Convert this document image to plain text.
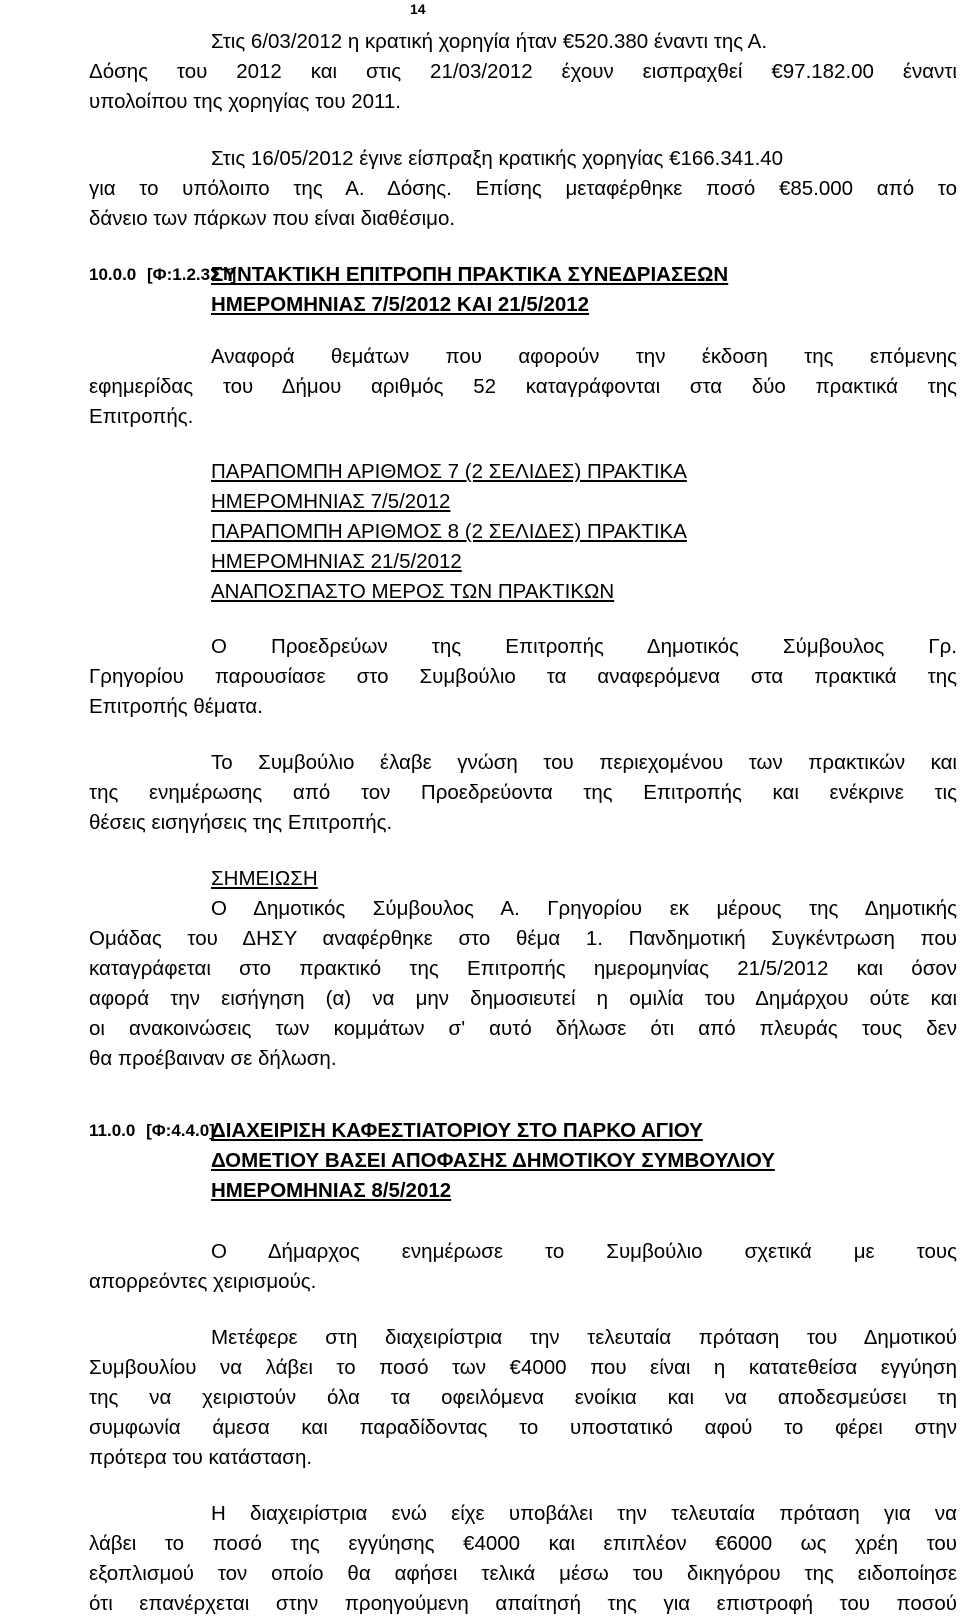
14
Στις 6/03/2012 η κρατική χορηγία ήταν €520.380 έναντι της Α.
Δόσης του 2012 και στις 21/03/2012 έχουν εισπραχθεί €97.182.00 έναντι
υπολοίπου της χορηγίας του 2011.
Στις 16/05/2012 έγινε είσπραξη κρατικής χορηγίας €166.341.40
για το υπόλοιπο της Α. Δόσης. Επίσης μεταφέρθηκε ποσό €85.000 από το
δάνειο των πάρκων που είναι διαθέσιμο.
10.0.0 [Φ:1.2.3ΣΤ]
ΣΥΝΤΑΚΤΙΚΗ ΕΠΙΤΡΟΠΗ ΠΡΑΚΤΙΚΑ ΣΥΝΕΔΡΙΑΣΕΩΝ
ΗΜΕΡΟΜΗΝΙΑΣ 7/5/2012 ΚΑΙ 21/5/2012
Αναφορά θεμάτων που αφορούν την έκδοση της επόμενης
εφημερίδας του Δήμου αριθμός 52 καταγράφονται στα δύο πρακτικά της
Επιτροπής.
ΠΑΡΑΠΟΜΠΗ ΑΡΙΘΜΟΣ 7 (2 ΣΕΛΙΔΕΣ) ΠΡΑΚΤΙΚΑ
ΗΜΕΡΟΜΗΝΙΑΣ 7/5/2012
ΠΑΡΑΠΟΜΠΗ ΑΡΙΘΜΟΣ 8 (2 ΣΕΛΙΔΕΣ) ΠΡΑΚΤΙΚΑ
ΗΜΕΡΟΜΗΝΙΑΣ 21/5/2012
ΑΝΑΠΟΣΠΑΣΤΟ ΜΕΡΟΣ ΤΩΝ ΠΡΑΚΤΙΚΩΝ
Ο Προεδρεύων της Επιτροπής Δημοτικός Σύμβουλος Γρ.
Γρηγορίου παρουσίασε στο Συμβούλιο τα αναφερόμενα στα πρακτικά της
Επιτροπής θέματα.
Το Συμβούλιο έλαβε γνώση του περιεχομένου των πρακτικών και
της ενημέρωσης από τον Προεδρεύοντα της Επιτροπής και ενέκρινε τις
θέσεις εισηγήσεις της Επιτροπής.
ΣΗΜΕΙΩΣΗ
Ο Δημοτικός Σύμβουλος Α. Γρηγορίου εκ μέρους της Δημοτικής
Ομάδας του ΔΗΣΥ αναφέρθηκε στο θέμα 1. Πανδημοτική Συγκέντρωση που
καταγράφεται στο πρακτικό της Επιτροπής ημερομηνίας 21/5/2012 και όσον
αφορά την εισήγηση (α) να μην δημοσιευτεί η ομιλία του Δημάρχου ούτε και
οι ανακοινώσεις των κομμάτων σ' αυτό δήλωσε ότι από πλευράς τους δεν
θα προέβαιναν σε δήλωση.
11.0.0 [Φ:4.4.0]
ΔΙΑΧΕΙΡΙΣΗ ΚΑΦΕΣΤΙΑΤΟΡΙΟΥ ΣΤΟ ΠΑΡΚΟ ΑΓΙΟΥ
ΔΟΜΕΤΙΟΥ ΒΑΣΕΙ ΑΠΟΦΑΣΗΣ ΔΗΜΟΤΙΚΟΥ ΣΥΜΒΟΥΛΙΟΥ
ΗΜΕΡΟΜΗΝΙΑΣ 8/5/2012
Ο Δήμαρχος ενημέρωσε το Συμβούλιο σχετικά με τους
απορρεόντες χειρισμούς.
Μετέφερε στη διαχειρίστρια την τελευταία πρόταση του Δημοτικού
Συμβουλίου να λάβει το ποσό των €4000 που είναι η κατατεθείσα εγγύηση
της να χειριστούν όλα τα οφειλόμενα ενοίκια και να αποδεσμεύσει τη
συμφωνία άμεσα και παραδίδοντας το υποστατικό αφού το φέρει στην
πρότερα του κατάσταση.
Η διαχειρίστρια ενώ είχε υποβάλει την τελευταία πρόταση για να
λάβει το ποσό της εγγύησης €4000 και επιπλέον €6000 ως χρέη του
εξοπλισμού τον οποίο θα αφήσει τελικά μέσω του δικηγόρου της ειδοποίησε
ότι επανέρχεται στην προηγούμενη απαίτησή της για επιστροφή του ποσού
